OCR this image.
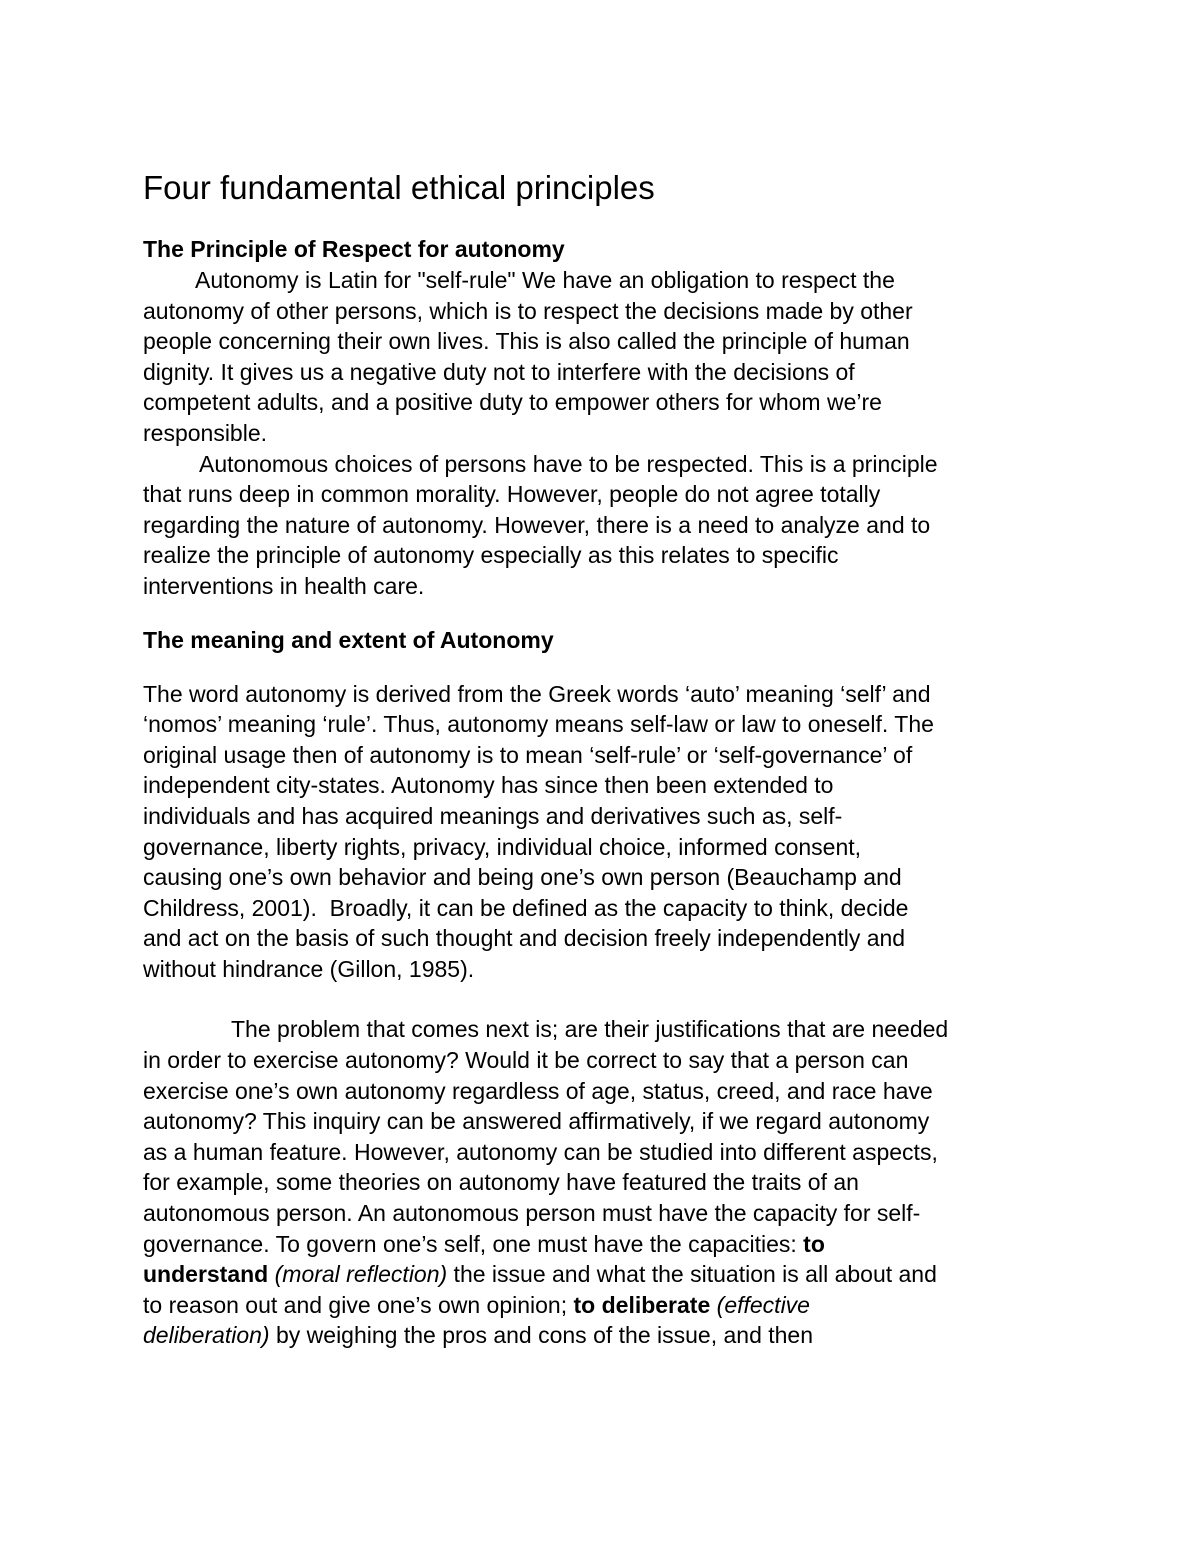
Four fundamental ethical principles
The Principle of Respect for autonomy
Autonomy is Latin for "self-rule" We have an obligation to respect the
autonomy of other persons, which is to respect the decisions made by other
people concerning their own lives. This is also called the principle of human
dignity. It gives us a negative duty not to interfere with the decisions of
competent adults, and a positive duty to empower others for whom we’re
responsible.
Autonomous choices of persons have to be respected. This is a principle
that runs deep in common morality. However, people do not agree totally
regarding the nature of autonomy. However, there is a need to analyze and to
realize the principle of autonomy especially as this relates to specific
interventions in health care.
The meaning and extent of Autonomy
The word autonomy is derived from the Greek words ‘auto’ meaning ‘self’ and
‘nomos’ meaning ‘rule’. Thus, autonomy means self-law or law to oneself. The
original usage then of autonomy is to mean ‘self-rule’ or ‘self-governance’ of
independent city-states. Autonomy has since then been extended to
individuals and has acquired meanings and derivatives such as, self-
governance, liberty rights, privacy, individual choice, informed consent,
causing one’s own behavior and being one’s own person (Beauchamp and
Childress, 2001).  Broadly, it can be defined as the capacity to think, decide
and act on the basis of such thought and decision freely independently and
without hindrance (Gillon, 1985).
The problem that comes next is; are their justifications that are needed
in order to exercise autonomy? Would it be correct to say that a person can
exercise one’s own autonomy regardless of age, status, creed, and race have
autonomy? This inquiry can be answered affirmatively, if we regard autonomy
as a human feature. However, autonomy can be studied into different aspects,
for example, some theories on autonomy have featured the traits of an
autonomous person. An autonomous person must have the capacity for self-
governance. To govern one’s self, one must have the capacities: to
understand (moral reflection) the issue and what the situation is all about and
to reason out and give one’s own opinion; to deliberate (effective
deliberation) by weighing the pros and cons of the issue, and then
